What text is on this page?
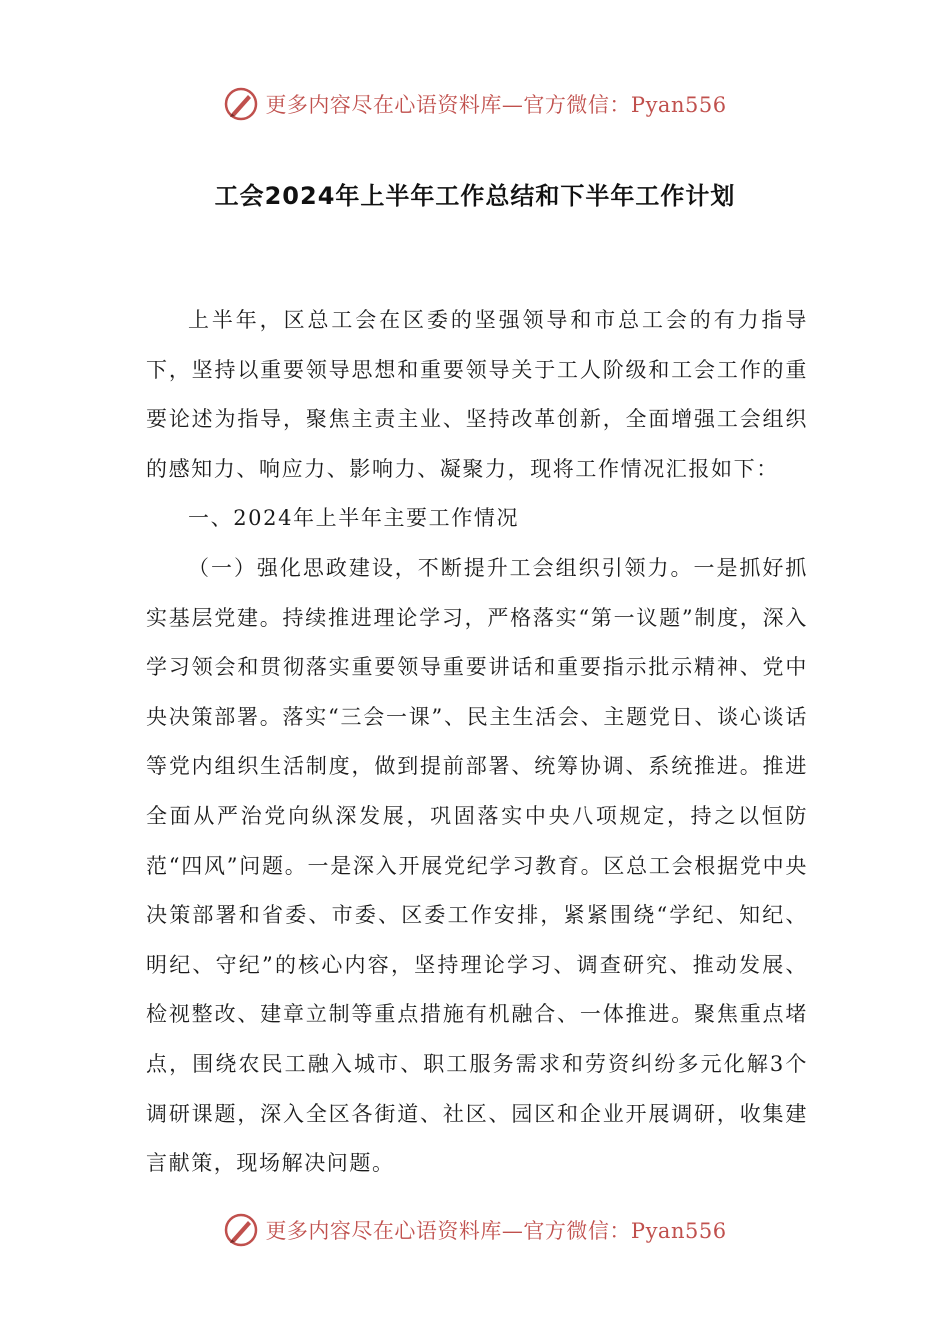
更多内容尽在心语资料库—官方微信：Pyan556
工会2024年上半年工作总结和下半年工作计划

上半年，区总工会在区委的坚强领导和市总工会的有力指导下，坚持以重要领导思想和重要领导关于工人阶级和工会工作的重要论述为指导，聚焦主责主业、坚持改革创新，全面增强工会组织的感知力、响应力、影响力、凝聚力，现将工作情况汇报如下：

一、2024年上半年主要工作情况

（一）强化思政建设，不断提升工会组织引领力。一是抓好抓实基层党建。持续推进理论学习，严格落实“第一议题”制度，深入学习领会和贯彻落实重要领导重要讲话和重要指示批示精神、党中央决策部署。落实“三会一课”、民主生活会、主题党日、谈心谈话等党内组织生活制度，做到提前部署、统筹协调、系统推进。推进全面从严治党向纵深发展，巩固落实中央八项规定，持之以恒防范“四风”问题。一是深入开展党纪学习教育。区总工会根据党中央决策部署和省委、市委、区委工作安排，紧紧围绕“学纪、知纪、明纪、守纪”的核心内容，坚持理论学习、调查研究、推动发展、检视整改、建章立制等重点措施有机融合、一体推进。聚焦重点堵点，围绕农民工融入城市、职工服务需求和劳资纠纷多元化解3个调研课题，深入全区各街道、社区、园区和企业开展调研，收集建言献策，现场解决问题。

更多内容尽在心语资料库—官方微信：Pyan556
